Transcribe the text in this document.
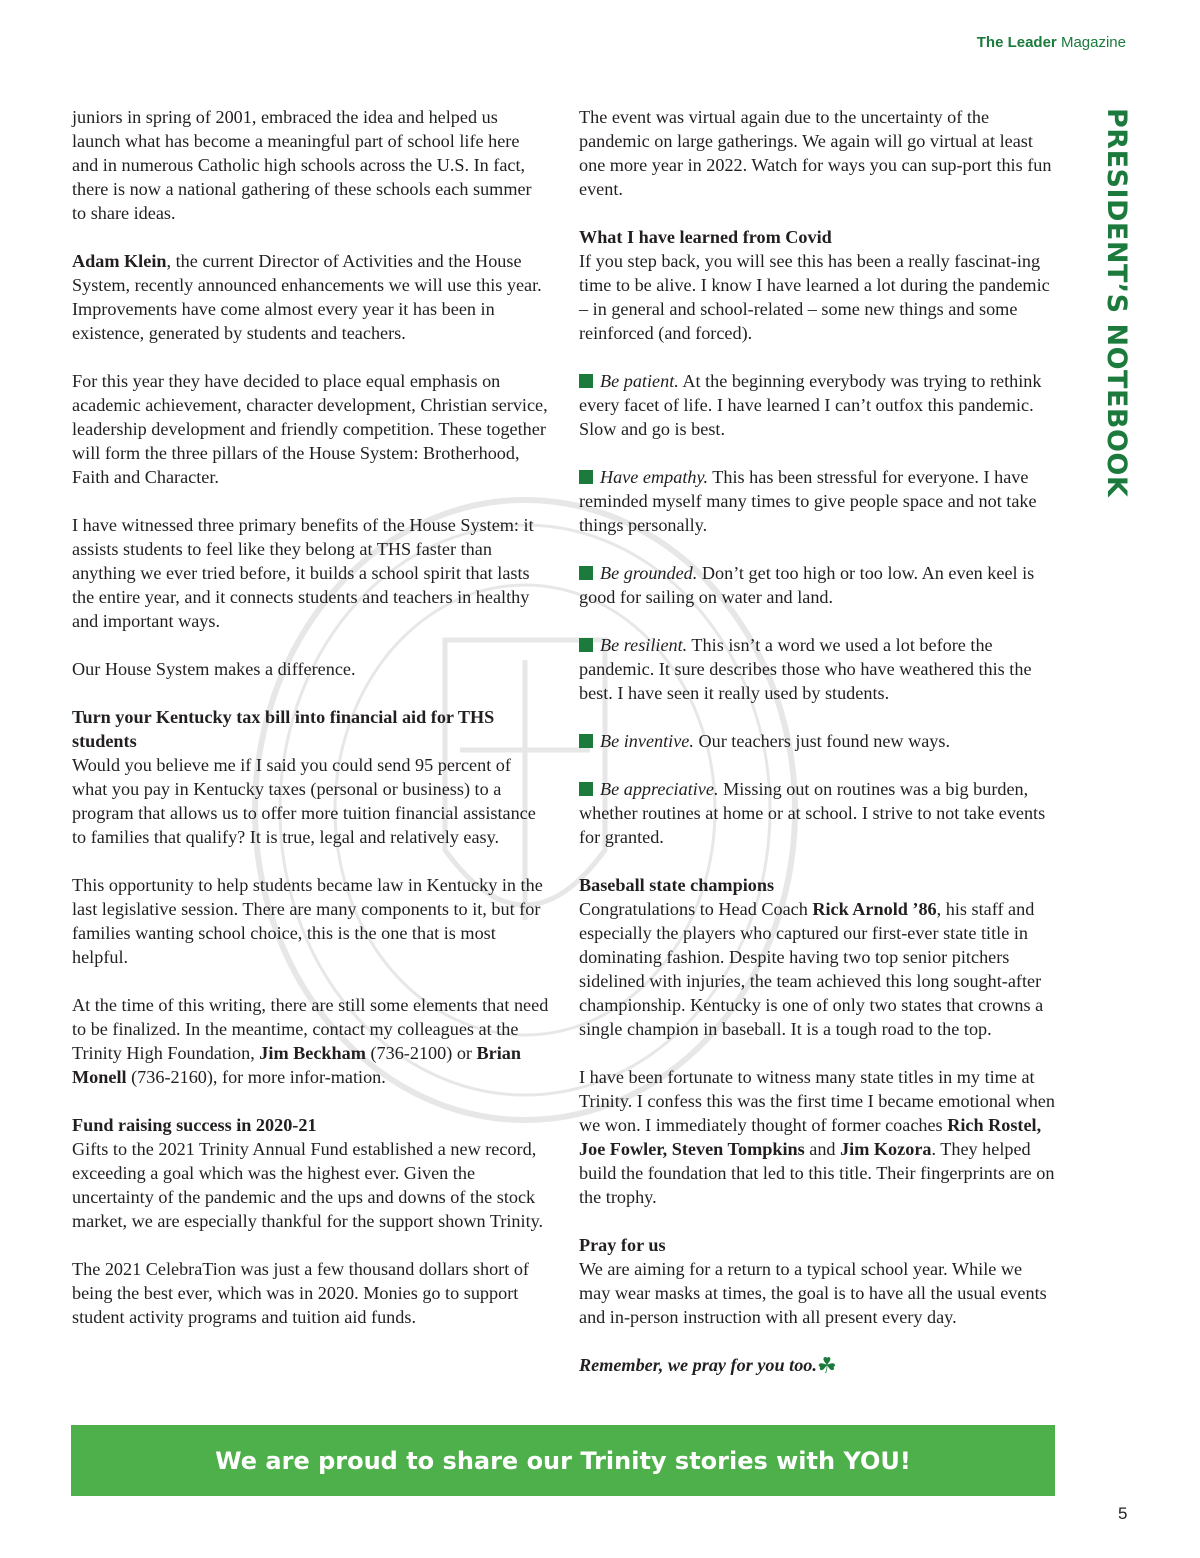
The Leader Magazine
PRESIDENT’S NOTEBOOK

juniors in spring of 2001, embraced the idea and helped us launch what has become a meaningful part of school life here and in numerous Catholic high schools across the U.S. In fact, there is now a national gathering of these schools each summer to share ideas.

Adam Klein, the current Director of Activities and the House System, recently announced enhancements we will use this year. Improvements have come almost every year it has been in existence, generated by students and teachers.

For this year they have decided to place equal emphasis on academic achievement, character development, Christian service, leadership development and friendly competition. These together will form the three pillars of the House System: Brotherhood, Faith and Character.

I have witnessed three primary benefits of the House System: it assists students to feel like they belong at THS faster than anything we ever tried before, it builds a school spirit that lasts the entire year, and it connects students and teachers in healthy and important ways.

Our House System makes a difference.

Turn your Kentucky tax bill into financial aid for THS students

Would you believe me if I said you could send 95 percent of what you pay in Kentucky taxes (personal or business) to a program that allows us to offer more tuition financial assistance to families that qualify? It is true, legal and relatively easy.

This opportunity to help students became law in Kentucky in the last legislative session. There are many components to it, but for families wanting school choice, this is the one that is most helpful.

At the time of this writing, there are still some elements that need to be finalized. In the meantime, contact my colleagues at the Trinity High Foundation, Jim Beckham (736-2100) or Brian Monell (736-2160), for more infor-mation.

Fund raising success in 2020-21

Gifts to the 2021 Trinity Annual Fund established a new record, exceeding a goal which was the highest ever. Given the uncertainty of the pandemic and the ups and downs of the stock market, we are especially thankful for the support shown Trinity.

The 2021 CelebraTion was just a few thousand dollars short of being the best ever, which was in 2020. Monies go to support student activity programs and tuition aid funds.

The event was virtual again due to the uncertainty of the pandemic on large gatherings. We again will go virtual at least one more year in 2022. Watch for ways you can sup-port this fun event.

What I have learned from Covid

If you step back, you will see this has been a really fascinat-ing time to be alive. I know I have learned a lot during the pandemic – in general and school-related – some new things and some reinforced (and forced).

Be patient. At the beginning everybody was trying to rethink every facet of life. I have learned I can’t outfox this pandemic. Slow and go is best.

Have empathy. This has been stressful for everyone. I have reminded myself many times to give people space and not take things personally.

Be grounded. Don’t get too high or too low. An even keel is good for sailing on water and land.

Be resilient. This isn’t a word we used a lot before the pandemic. It sure describes those who have weathered this the best. I have seen it really used by students.

Be inventive. Our teachers just found new ways.

Be appreciative. Missing out on routines was a big burden, whether routines at home or at school. I strive to not take events for granted.

Baseball state champions

Congratulations to Head Coach Rick Arnold ’86, his staff and especially the players who captured our first-ever state title in dominating fashion. Despite having two top senior pitchers sidelined with injuries, the team achieved this long sought-after championship. Kentucky is one of only two states that crowns a single champion in baseball. It is a tough road to the top.

I have been fortunate to witness many state titles in my time at Trinity. I confess this was the first time I became emotional when we won. I immediately thought of former coaches Rich Rostel, Joe Fowler, Steven Tompkins and Jim Kozora. They helped build the foundation that led to this title. Their fingerprints are on the trophy.

Pray for us

We are aiming for a return to a typical school year. While we may wear masks at times, the goal is to have all the usual events and in-person instruction with all present every day.

Remember, we pray for you too.☘

We are proud to share our Trinity stories with YOU!
5
